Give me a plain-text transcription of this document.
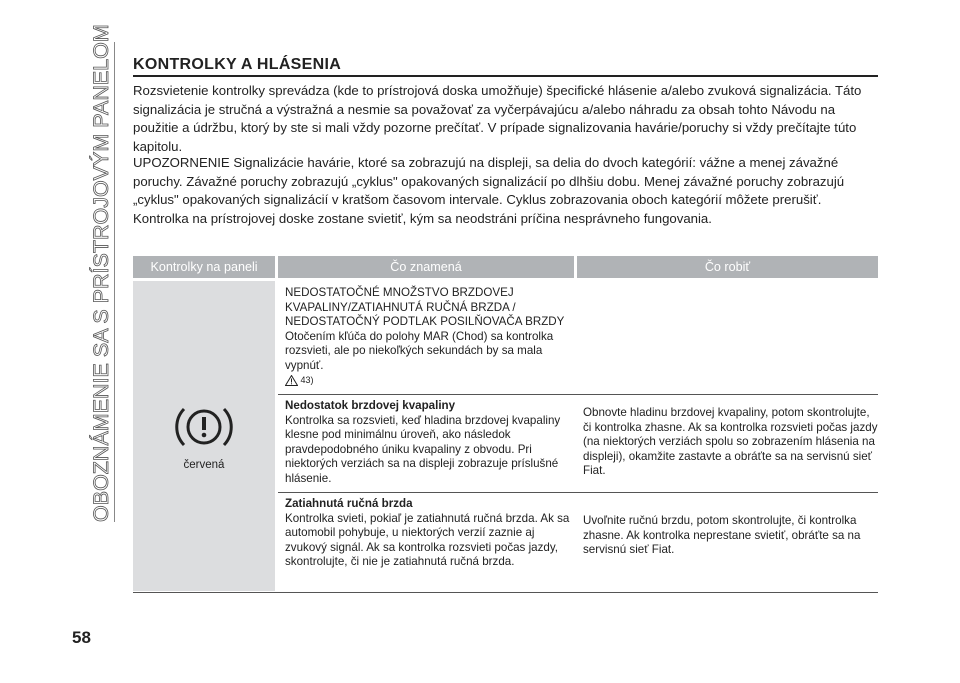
OBOZNÁMENIE SA S PRÍSTROJOVÝM PANELOM
58
KONTROLKY A HLÁSENIA

Rozsvietenie kontrolky sprevádza (kde to prístrojová doska umožňuje) špecifické hlásenie a/alebo zvuková signalizácia. Táto signalizácia je stručná a výstražná a nesmie sa považovať za vyčerpávajúcu a/alebo náhradu za obsah tohto Návodu na použitie a údržbu, ktorý by ste si mali vždy pozorne prečítať. V prípade signalizovania havárie/poruchy si vždy prečítajte túto kapitolu.

UPOZORNENIE Signalizácie havárie, ktoré sa zobrazujú na displeji, sa delia do dvoch kategórií: vážne a menej závažné poruchy. Závažné poruchy zobrazujú „cyklus" opakovaných signalizácií po dlhšiu dobu. Menej závažné poruchy zobrazujú „cyklus" opakovaných signalizácií v kratšom časovom intervale. Cyklus zobrazovania oboch kategórií môžete prerušiť. Kontrolka na prístrojovej doske zostane svietiť, kým sa neodstráni príčina nesprávneho fungovania.

Kontrolky na paneli	Čo znamená	Čo robiť
červená
NEDOSTATOČNÉ MNOŽSTVO BRZDOVEJ KVAPALINY/ZATIAHNUTÁ RUČNÁ BRZDA / NEDOSTATOČNÝ PODTLAK POSILŇOVAČA BRZDY
Otočením kľúča do polohy MAR (Chod) sa kontrolka rozsvieti, ale po niekoľkých sekundách by sa mala vypnúť.
43)
Nedostatok brzdovej kvapaliny
Kontrolka sa rozsvieti, keď hladina brzdovej kvapaliny klesne pod minimálnu úroveň, ako následok pravdepodobného úniku kvapaliny z obvodu. Pri niektorých verziách sa na displeji zobrazuje príslušné hlásenie.
Obnovte hladinu brzdovej kvapaliny, potom skontrolujte, či kontrolka zhasne. Ak sa kontrolka rozsvieti počas jazdy (na niektorých verziách spolu so zobrazením hlásenia na displeji), okamžite zastavte a obráťte sa na servisnú sieť Fiat.
Zatiahnutá ručná brzda
Kontrolka svieti, pokiaľ je zatiahnutá ručná brzda. Ak sa automobil pohybuje, u niektorých verzií zaznie aj zvukový signál. Ak sa kontrolka rozsvieti počas jazdy, skontrolujte, či nie je zatiahnutá ručná brzda.
Uvoľnite ručnú brzdu, potom skontrolujte, či kontrolka zhasne. Ak kontrolka neprestane svietiť, obráťte sa na servisnú sieť Fiat.
